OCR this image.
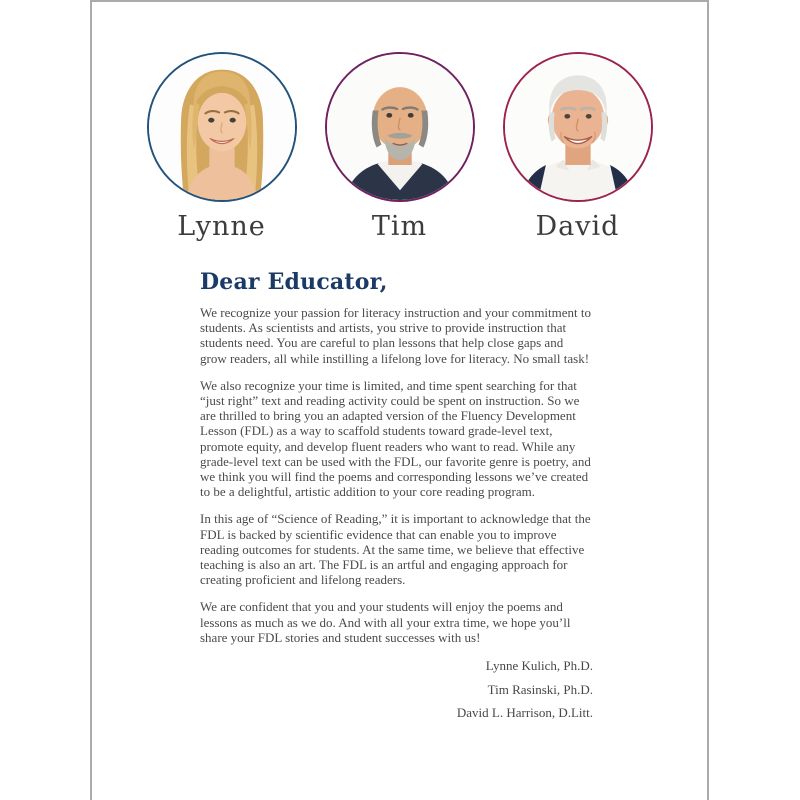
Lynne	Tim	David
Dear Educator,

We recognize your passion for literacy instruction and your commitment to students. As scientists and artists, you strive to provide instruction that students need. You are careful to plan lessons that help close gaps and grow readers, all while instilling a lifelong love for literacy. No small task!

We also recognize your time is limited, and time spent searching for that “just right” text and reading activity could be spent on instruction. So we are thrilled to bring you an adapted version of the Fluency Development Lesson (FDL) as a way to scaffold students toward grade-level text, promote equity, and develop fluent readers who want to read. While any grade-level text can be used with the FDL, our favorite genre is poetry, and we think you will find the poems and corresponding lessons we’ve created to be a delightful, artistic addition to your core reading program.

In this age of “Science of Reading,” it is important to acknowledge that the FDL is backed by scientific evidence that can enable you to improve reading outcomes for students. At the same time, we believe that effective teaching is also an art. The FDL is an artful and engaging approach for creating proficient and lifelong readers.

We are confident that you and your students will enjoy the poems and lessons as much as we do. And with all your extra time, we hope you’ll share your FDL stories and student successes with us!

Lynne Kulich, Ph.D.
Tim Rasinski, Ph.D.
David L. Harrison, D.Litt.
